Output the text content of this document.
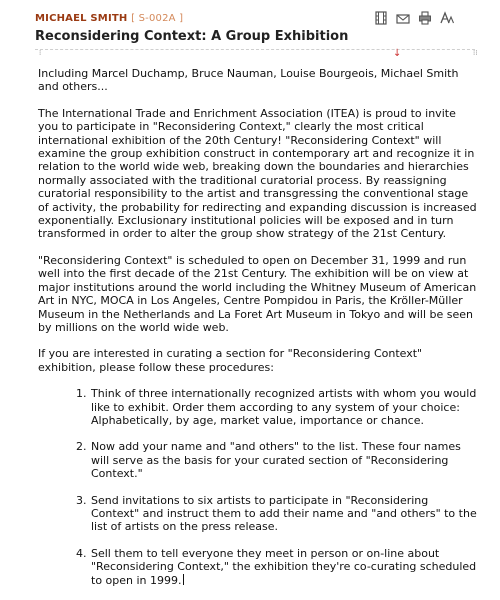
MICHAEL SMITH [ S-002A ]
Reconsidering Context: A Group Exhibition
⁞	↓	⁞⁞

Including Marcel Duchamp, Bruce Nauman, Louise Bourgeois, Michael Smith and others...

The International Trade and Enrichment Association (ITEA) is proud to invite you to participate in "Reconsidering Context," clearly the most critical international exhibition of the 20th Century! "Reconsidering Context" will examine the group exhibition construct in contemporary art and recognize it in relation to the world wide web, breaking down the boundaries and hierarchies normally associated with the traditional curatorial process. By reassigning curatorial responsibility to the artist and transgressing the conventional stage of activity, the probability for redirecting and expanding discussion is increased exponentially. Exclusionary institutional policies will be exposed and in turn transformed in order to alter the group show strategy of the 21st Century.

"Reconsidering Context" is scheduled to open on December 31, 1999 and run well into the first decade of the 21st Century. The exhibition will be on view at major institutions around the world including the Whitney Museum of American Art in NYC, MOCA in Los Angeles, Centre Pompidou in Paris, the Kröller-Müller Museum in the Netherlands and La Foret Art Museum in Tokyo and will be seen by millions on the world wide web.

If you are interested in curating a section for "Reconsidering Context" exhibition, please follow these procedures:

1. Think of three internationally recognized artists with whom you would like to exhibit. Order them according to any system of your choice: Alphabetically, by age, market value, importance or chance.
2. Now add your name and "and others" to the list. These four names will serve as the basis for your curated section of "Reconsidering Context."
3. Send invitations to six artists to participate in "Reconsidering Context" and instruct them to add their name and "and others" to the list of artists on the press release.
4. Sell them to tell everyone they meet in person or on-line about "Reconsidering Context," the exhibition they're co-curating scheduled to open in 1999.
